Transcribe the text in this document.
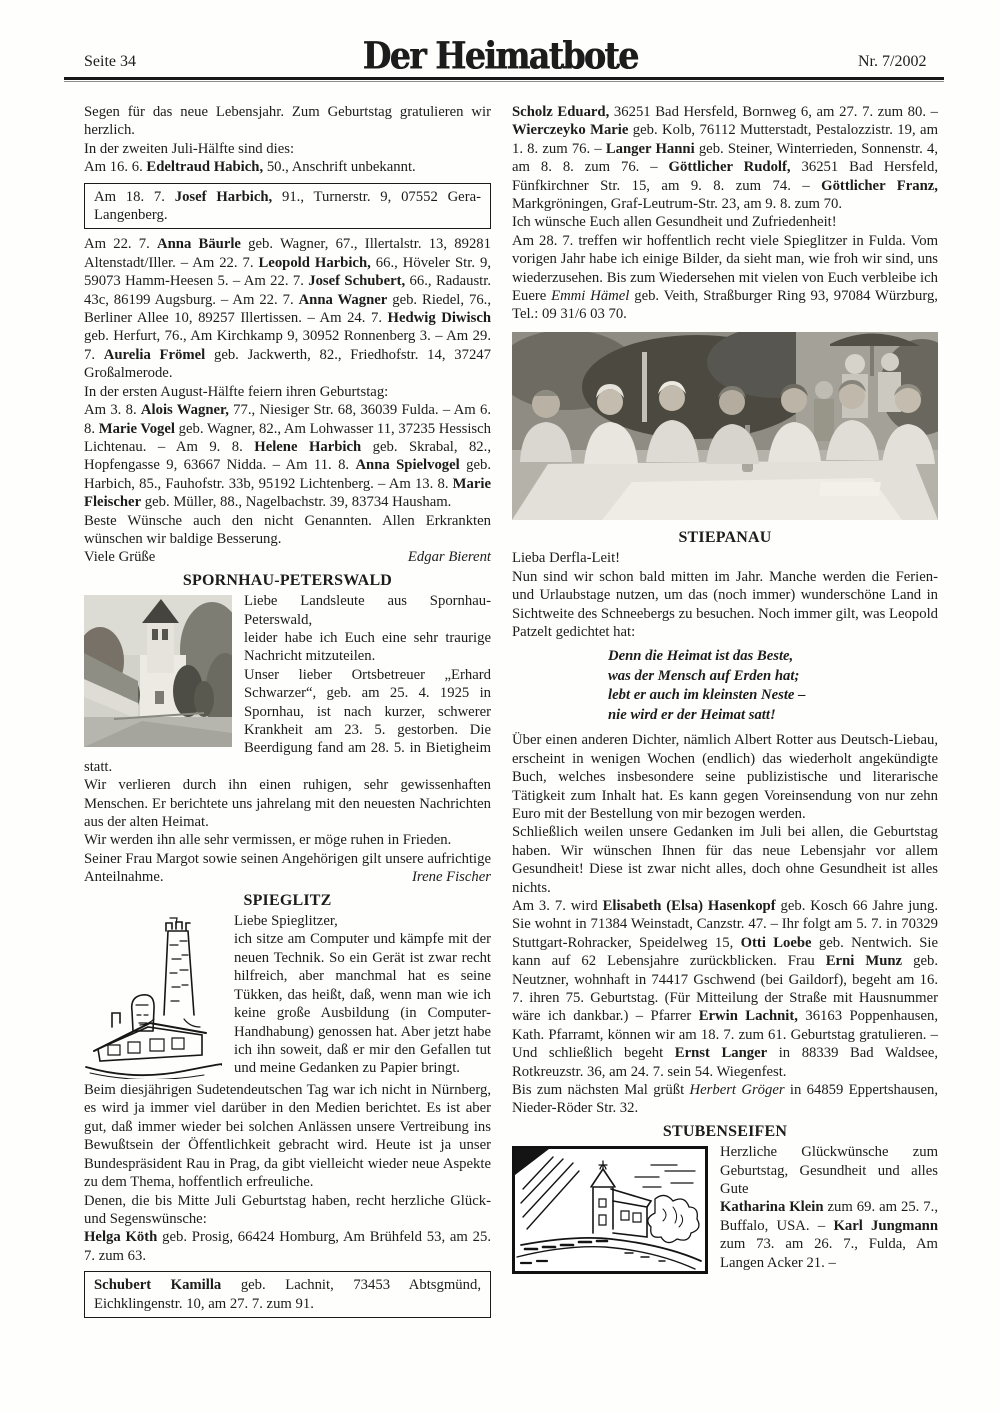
Seite 34	Der Heimatbote	Nr. 7/2002

Segen für das neue Lebensjahr. Zum Geburtstag gratulieren wir herzlich.

In der zweiten Juli-Hälfte sind dies:

Am 16. 6. Edeltraud Habich, 50., Anschrift unbekannt.

Am 18. 7. Josef Harbich, 91., Turnerstr. 9, 07552 Gera-Langenberg.

Am 22. 7. Anna Bäurle geb. Wagner, 67., Illertalstr. 13, 89281 Altenstadt/Iller. – Am 22. 7. Leopold Harbich, 66., Höveler Str. 9, 59073 Hamm-Heesen 5. – Am 22. 7. Josef Schubert, 66., Radaustr. 43c, 86199 Augsburg. – Am 22. 7. Anna Wagner geb. Riedel, 76., Berliner Allee 10, 89257 Illertissen. – Am 24. 7. Hedwig Diwisch geb. Herfurt, 76., Am Kirchkamp 9, 30952 Ronnenberg 3. – Am 29. 7. Aurelia Frömel geb. Jackwerth, 82., Friedhofstr. 14, 37247 Großalmerode.

In der ersten August-Hälfte feiern ihren Geburtstag:

Am 3. 8. Alois Wagner, 77., Niesiger Str. 68, 36039 Fulda. – Am 6. 8. Marie Vogel geb. Wagner, 82., Am Lohwasser 11, 37235 Hessisch Lichtenau. – Am 9. 8. Helene Harbich geb. Skrabal, 82., Hopfengasse 9, 63667 Nidda. – Am 11. 8. Anna Spielvogel geb. Harbich, 85., Fauhofstr. 33b, 95192 Lichtenberg. – Am 13. 8. Marie Fleischer geb. Müller, 88., Nagelbachstr. 39, 83734 Hausham.

Beste Wünsche auch den nicht Genannten. Allen Erkrankten wünschen wir baldige Besserung.

Viele Grüße	Edgar Bierent
SPORNHAU-PETERSWALD

Liebe Landsleute aus Spornhau-Peterswald,

leider habe ich Euch eine sehr traurige Nachricht mitzuteilen.

Unser lieber Ortsbetreuer „Erhard Schwarzer“, geb. am 25. 4. 1925 in Spornhau, ist nach kurzer, schwerer Krankheit am 23. 5. gestorben. Die Beerdigung fand am 28. 5. in Bietigheim statt.

Wir verlieren durch ihn einen ruhigen, sehr gewissenhaften Menschen. Er berichtete uns jahrelang mit den neuesten Nachrichten aus der alten Heimat.

Wir werden ihn alle sehr vermissen, er möge ruhen in Frieden.

Seiner Frau Margot sowie seinen Angehörigen gilt unsere aufrichtige Anteilnahme.	Irene Fischer

SPIEGLITZ

Liebe Spieglitzer,

ich sitze am Computer und kämpfe mit der neuen Technik. So ein Gerät ist zwar recht hilfreich, aber manchmal hat es seine Tükken, das heißt, daß, wenn man wie ich keine große Ausbildung (in Computer-Handhabung) genossen hat. Aber jetzt habe ich ihn soweit, daß er mir den Gefallen tut und meine Gedanken zu Papier bringt.

Beim diesjährigen Sudetendeutschen Tag war ich nicht in Nürnberg, es wird ja immer viel darüber in den Medien berichtet. Es ist aber gut, daß immer wieder bei solchen Anlässen unsere Vertreibung ins Bewußtsein der Öffentlichkeit gebracht wird. Heute ist ja unser Bundespräsident Rau in Prag, da gibt vielleicht wieder neue Aspekte zu dem Thema, hoffentlich erfreuliche.

Denen, die bis Mitte Juli Geburtstag haben, recht herzliche Glück- und Segenswünsche:

Helga Köth geb. Prosig, 66424 Homburg, Am Brühfeld 53, am 25. 7. zum 63.

Schubert Kamilla geb. Lachnit, 73453 Abtsgmünd, Eichklingenstr. 10, am 27. 7. zum 91.

Scholz Eduard, 36251 Bad Hersfeld, Bornweg 6, am 27. 7. zum 80. – Wierczeyko Marie geb. Kolb, 76112 Mutterstadt, Pestalozzistr. 19, am 1. 8. zum 76. – Langer Hanni geb. Steiner, Winterrieden, Sonnenstr. 4, am 8. 8. zum 76. – Göttlicher Rudolf, 36251 Bad Hersfeld, Fünfkirchner Str. 15, am 9. 8. zum 74. – Göttlicher Franz, Markgröningen, Graf-Leutrum-Str. 23, am 9. 8. zum 70.

Ich wünsche Euch allen Gesundheit und Zufriedenheit!

Am 28. 7. treffen wir hoffentlich recht viele Spieglitzer in Fulda. Vom vorigen Jahr habe ich einige Bilder, da sieht man, wie froh wir sind, uns wiederzusehen. Bis zum Wiedersehen mit vielen von Euch verbleibe ich Euere Emmi Hämel geb. Veith, Straßburger Ring 93, 97084 Würzburg, Tel.: 09 31/6 03 70.

STIEPANAU

Lieba Derfla-Leit!

Nun sind wir schon bald mitten im Jahr. Manche werden die Ferien- und Urlaubstage nutzen, um das (noch immer) wunderschöne Land in Sichtweite des Schneebergs zu besuchen. Noch immer gilt, was Leopold Patzelt gedichtet hat:

Denn die Heimat ist das Beste,
was der Mensch auf Erden hat;
lebt er auch im kleinsten Neste –
nie wird er der Heimat satt!

Über einen anderen Dichter, nämlich Albert Rotter aus Deutsch-Liebau, erscheint in wenigen Wochen (endlich) das wiederholt angekündigte Buch, welches insbesondere seine publizistische und literarische Tätigkeit zum Inhalt hat. Es kann gegen Voreinsendung von nur zehn Euro mit der Bestellung von mir bezogen werden.

Schließlich weilen unsere Gedanken im Juli bei allen, die Geburtstag haben. Wir wünschen Ihnen für das neue Lebensjahr vor allem Gesundheit! Diese ist zwar nicht alles, doch ohne Gesundheit ist alles nichts.

Am 3. 7. wird Elisabeth (Elsa) Hasenkopf geb. Kosch 66 Jahre jung. Sie wohnt in 71384 Weinstadt, Canzstr. 47. – Ihr folgt am 5. 7. in 70329 Stuttgart-Rohracker, Speidelweg 15, Otti Loebe geb. Nentwich. Sie kann auf 62 Lebensjahre zurückblicken. Frau Erni Munz geb. Neutzner, wohnhaft in 74417 Gschwend (bei Gaildorf), begeht am 16. 7. ihren 75. Geburtstag. (Für Mitteilung der Straße mit Hausnummer wäre ich dankbar.) – Pfarrer Erwin Lachnit, 36163 Poppenhausen, Kath. Pfarramt, können wir am 18. 7. zum 61. Geburtstag gratulieren. – Und schließlich begeht Ernst Langer in 88339 Bad Waldsee, Rotkreuzstr. 36, am 24. 7. sein 54. Wiegenfest.

Bis zum nächsten Mal grüßt Herbert Gröger in 64859 Eppertshausen, Nieder-Röder Str. 32.

STUBENSEIFEN

Herzliche Glückwünsche zum Geburtstag, Gesundheit und alles Gute

Katharina Klein zum 69. am 25. 7., Buffalo, USA. – Karl Jungmann zum 73. am 26. 7., Fulda, Am Langen Acker 21. –
